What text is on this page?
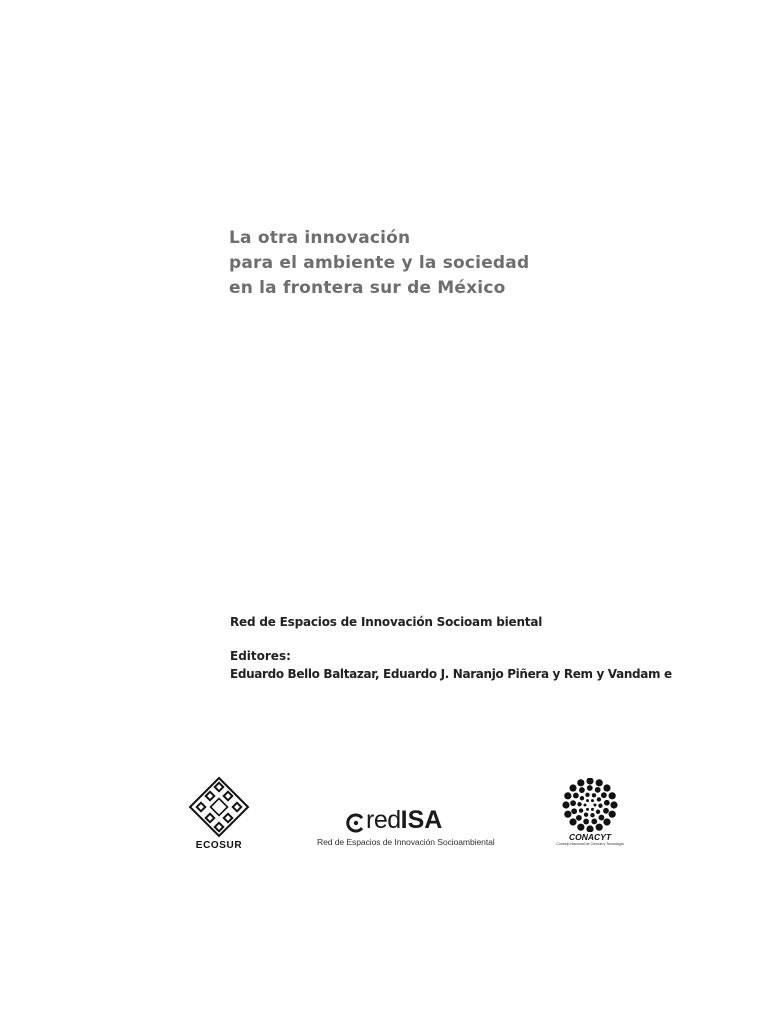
La otra innovación
para el ambiente y la sociedad
en la frontera sur de México

Red de Espacios de Innovación Socioam biental

Editores:
Eduardo Bello Baltazar, Eduardo J. Naranjo Piñera y Rem y Vandam e
ECOSUR
redISA
Red de Espacios de Innovación Socioambiental	CONACYT
Consejo Nacional de Ciencia y Tecnología
